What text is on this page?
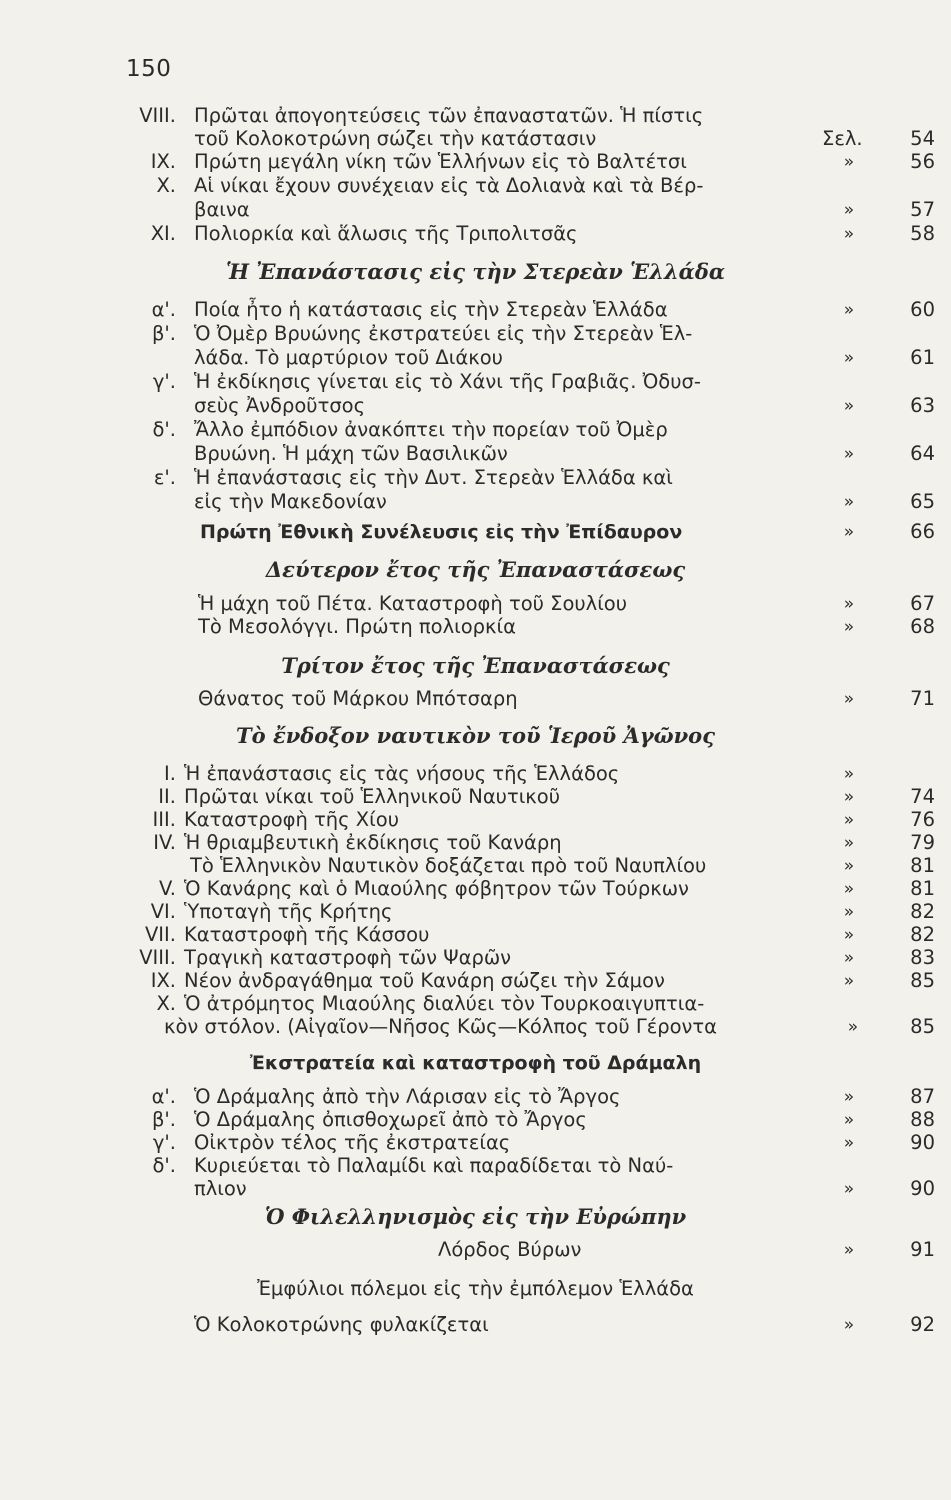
150
VIII. Πρῶται ἀπογοητεύσεις τῶν ἐπαναστατῶν. Ἡ πίστις
τοῦ Κολοκοτρώνη σώζει τὴν κατάστασιν	Σελ. 54
IX. Πρώτη μεγάλη νίκη τῶν Ἑλλήνων εἰς τὸ Βαλτέτσι	»	56
X. Αἱ νίκαι ἔχουν συνέχειαν εἰς τὰ Δολιανὰ καὶ τὰ Βέρ-
βαινα	»	57
XI. Πολιορκία καὶ ἅλωσις τῆς Τριπολιτσᾶς	»	58
Ἡ Ἐπανάστασις εἰς τὴν Στερεὰν Ἑλλάδα
α'. Ποία ἦτο ἡ κατάστασις εἰς τὴν Στερεὰν Ἑλλάδα	»	60
β'. Ὁ Ὀμὲρ Βρυώνης ἐκστρατεύει εἰς τὴν Στερεὰν Ἑλ-
λάδα. Τὸ μαρτύριον τοῦ Διάκου	»	61
γ'. Ἡ ἐκδίκησις γίνεται εἰς τὸ Χάνι τῆς Γραβιᾶς. Ὀδυσ-
σεὺς Ἀνδροῦτσος	»	63
δ'. Ἄλλο ἐμπόδιον ἀνακόπτει τὴν πορείαν τοῦ Ὀμὲρ
Βρυώνη. Ἡ μάχη τῶν Βασιλικῶν	»	64
ε'. Ἡ ἐπανάστασις εἰς τὴν Δυτ. Στερεὰν Ἑλλάδα καὶ
εἰς τὴν Μακεδονίαν	»	65
Πρώτη Ἐθνικὴ Συνέλευσις εἰς τὴν Ἐπίδαυρον	»	66
Δεύτερον ἔτος τῆς Ἐπαναστάσεως
Ἡ μάχη τοῦ Πέτα. Καταστροφὴ τοῦ Σουλίου	»	67
Τὸ Μεσολόγγι. Πρώτη πολιορκία	»	68
Τρίτον ἔτος τῆς Ἐπαναστάσεως
Θάνατος τοῦ Μάρκου Μπότσαρη	»	71
Τὸ ἔνδοξον ναυτικὸν τοῦ Ἱεροῦ Ἀγῶνος
I. Ἡ ἐπανάστασις εἰς τὰς νήσους τῆς Ἑλλάδος	»
II. Πρῶται νίκαι τοῦ Ἑλληνικοῦ Ναυτικοῦ	»	74
III. Καταστροφὴ τῆς Χίου	»	76
IV. Ἡ θριαμβευτικὴ ἐκδίκησις τοῦ Κανάρη	»	79
Τὸ Ἑλληνικὸν Ναυτικὸν δοξάζεται πρὸ τοῦ Ναυπλίου	»	81
V. Ὁ Κανάρης καὶ ὁ Μιαούλης φόβητρον τῶν Τούρκων	»	81
VI. Ὑποταγὴ τῆς Κρήτης	»	82
VII. Καταστροφὴ τῆς Κάσσου	»	82
VIII. Τραγικὴ καταστροφὴ τῶν Ψαρῶν	»	83
IX. Νέον ἀνδραγάθημα τοῦ Κανάρη σώζει τὴν Σάμον	»	85
X. Ὁ ἀτρόμητος Μιαούλης διαλύει τὸν Τουρκοαιγυπτια-
κὸν στόλον. (Αἰγαῖον—Νῆσος Κῶς—Κόλπος τοῦ Γέροντα	»	85
Ἐκστρατεία καὶ καταστροφὴ τοῦ Δράμαλη
α'. Ὁ Δράμαλης ἀπὸ τὴν Λάρισαν εἰς τὸ Ἄργος	»	87
β'. Ὁ Δράμαλης ὀπισθοχωρεῖ ἀπὸ τὸ Ἄργος	»	88
γ'. Οἰκτρὸν τέλος τῆς ἐκστρατείας	»	90
δ'. Κυριεύεται τὸ Παλαμίδι καὶ παραδίδεται τὸ Ναύ-
πλιον	»	90
Ὁ Φιλελληνισμὸς εἰς τὴν Εὐρώπην
Λόρδος Βύρων	»	91
Ἐμφύλιοι πόλεμοι εἰς τὴν ἐμπόλεμον Ἑλλάδα
Ὁ Κολοκοτρώνης φυλακίζεται	»	92
